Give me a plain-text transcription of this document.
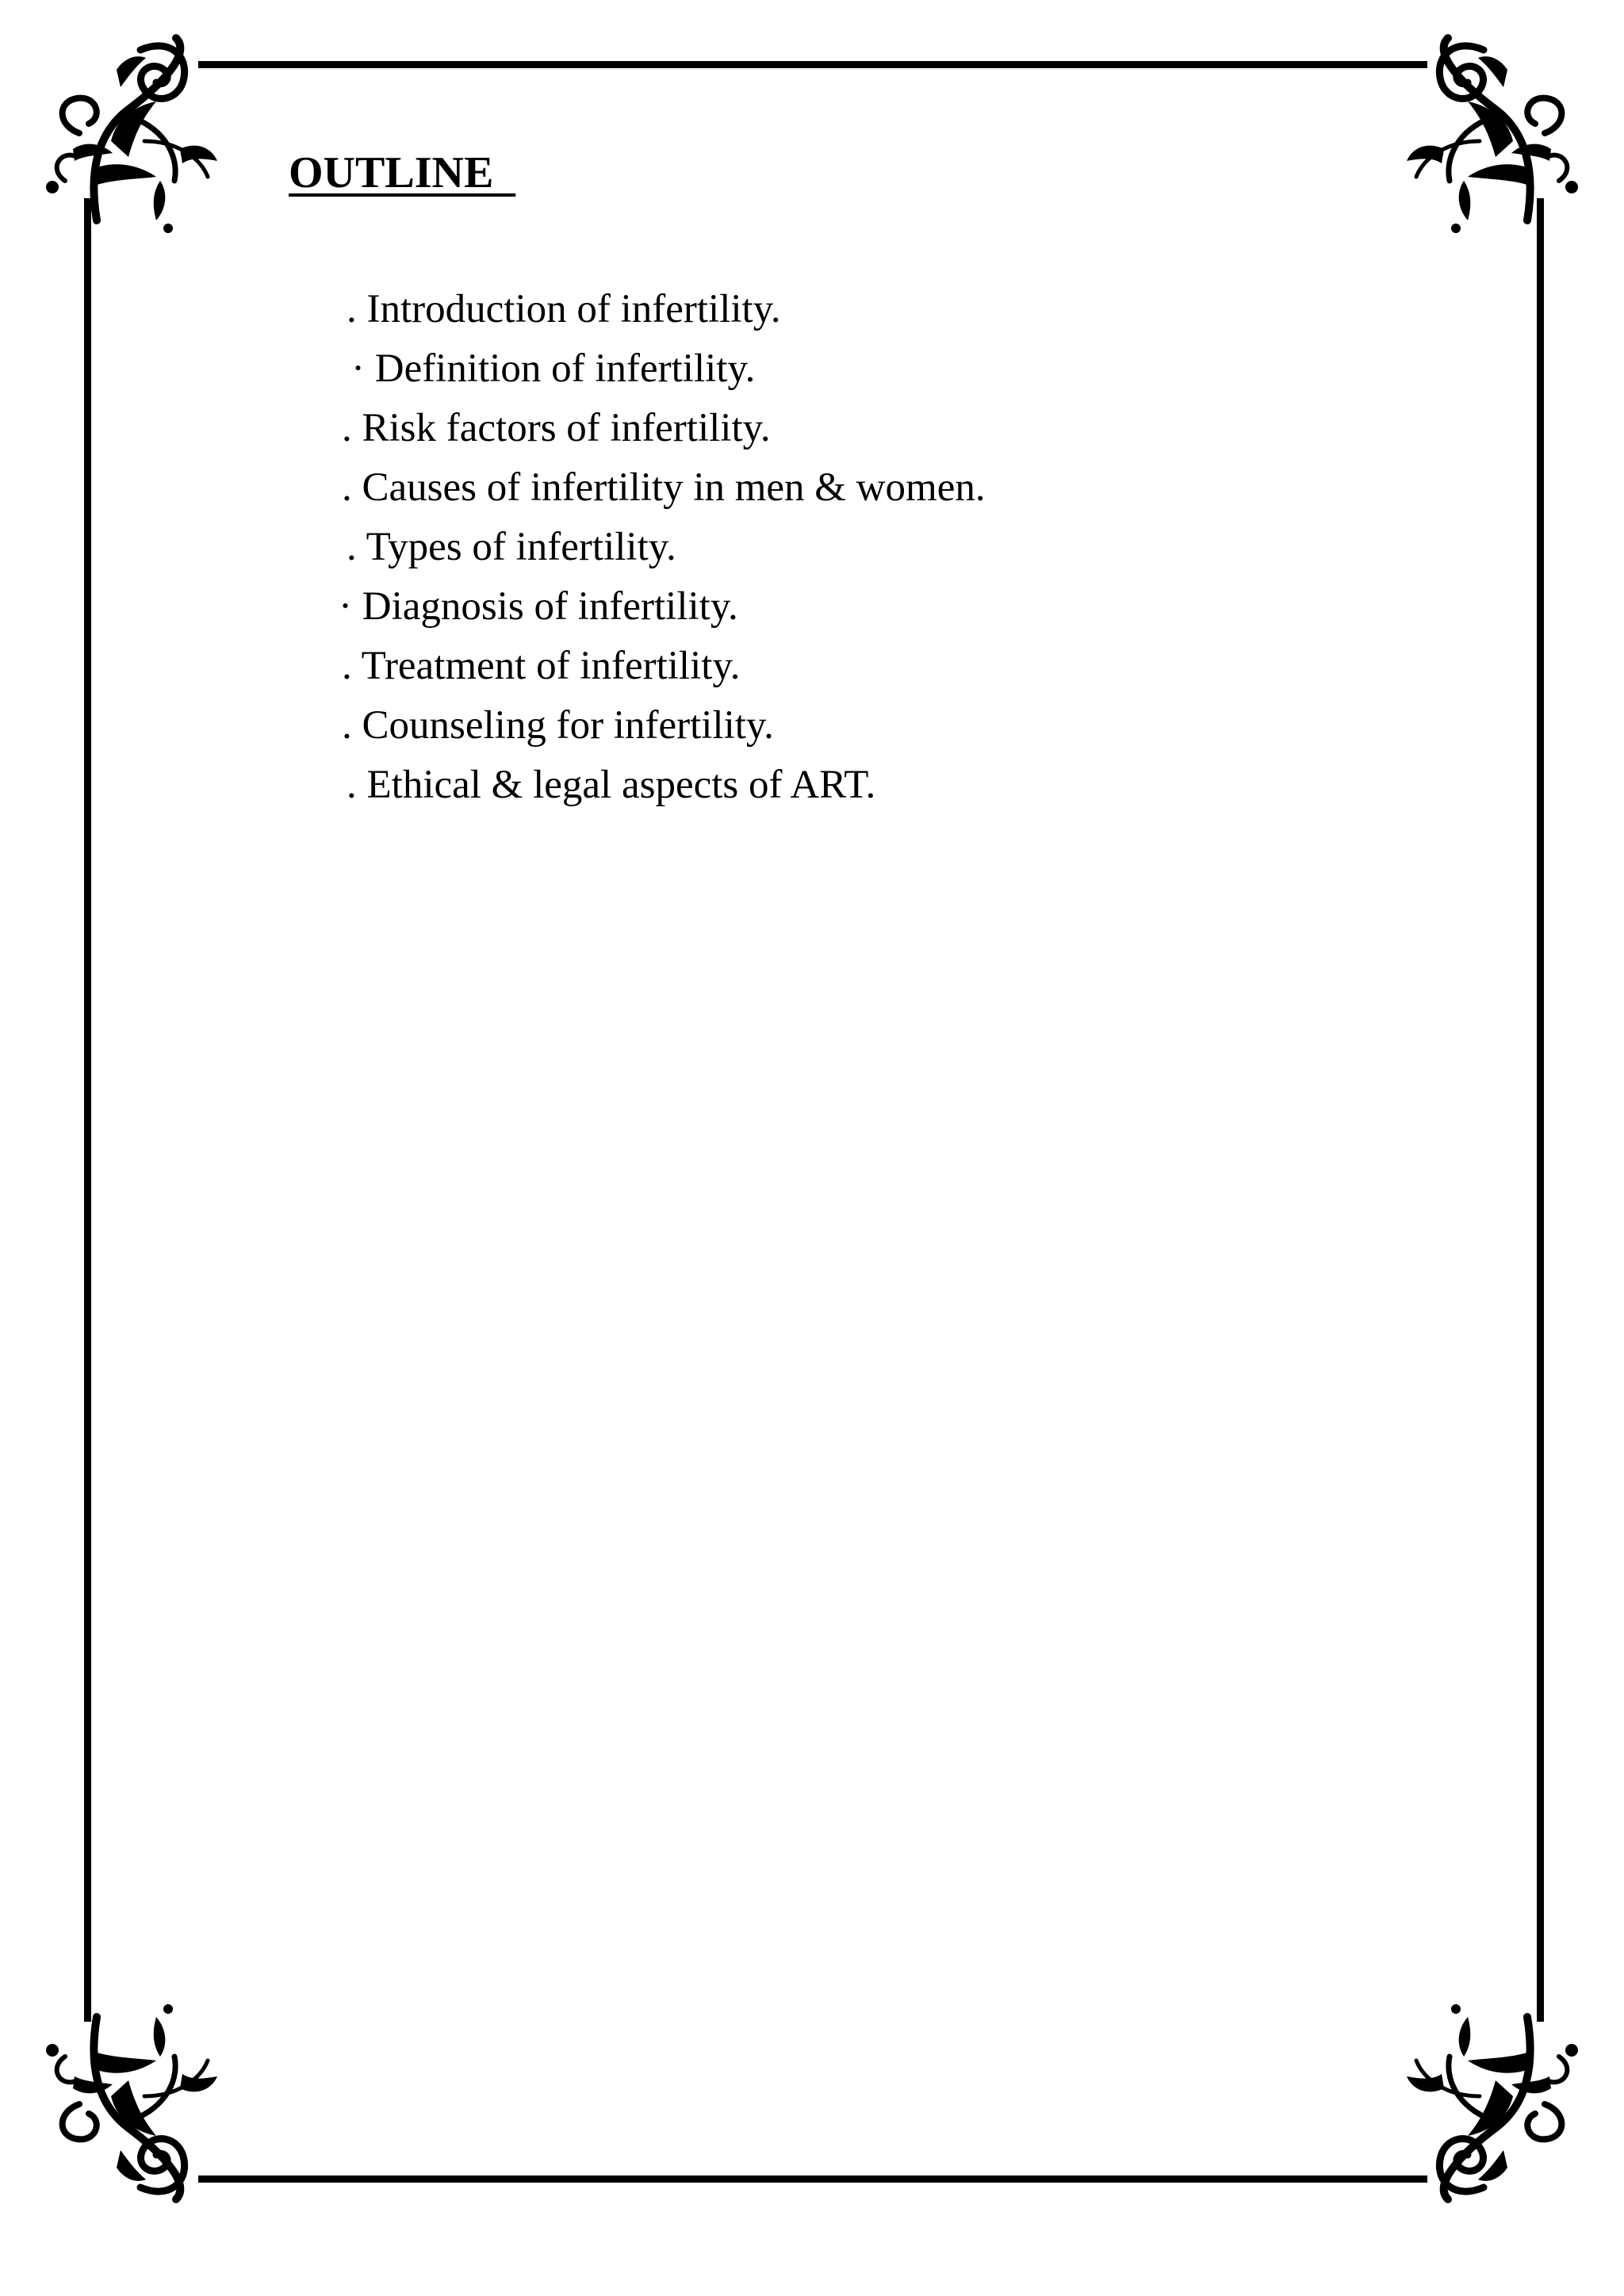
OUTLINE
. Introduction of infertility.
· Definition of infertility.
. Risk factors of infertility.
. Causes of infertility in men & women.
. Types of infertility.
· Diagnosis of infertility.
. Treatment of infertility.
. Counseling for infertility.
. Ethical & legal aspects of ART.
